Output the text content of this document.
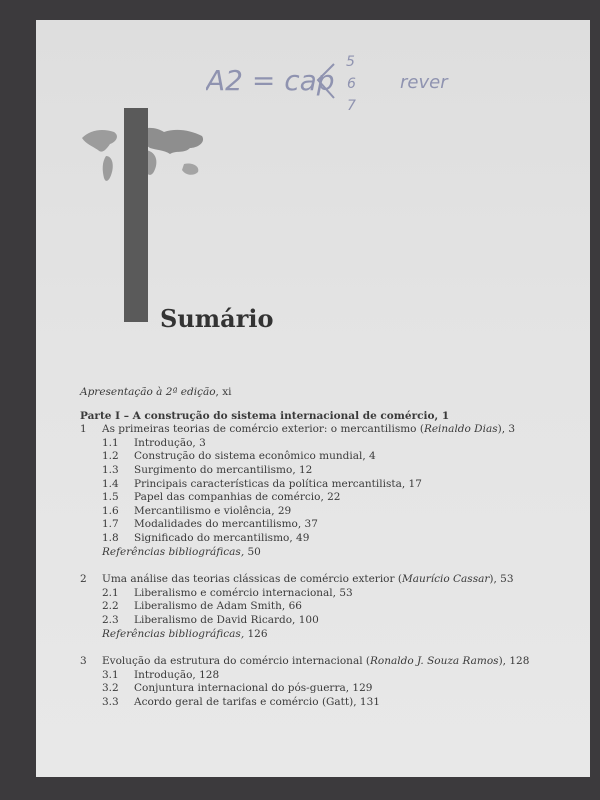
A2 = cap
5
6
7
rever
Sumário
Apresentação à 2ª edição, xi
Parte I – A construção do sistema internacional de comércio, 1
1 As primeiras teorias de comércio exterior: o mercantilismo (Reinaldo Dias), 3
1.1 Introdução, 3
1.2 Construção do sistema econômico mundial, 4
1.3 Surgimento do mercantilismo, 12
1.4 Principais características da política mercantilista, 17
1.5 Papel das companhias de comércio, 22
1.6 Mercantilismo e violência, 29
1.7 Modalidades do mercantilismo, 37
1.8 Significado do mercantilismo, 49
Referências bibliográficas, 50
2 Uma análise das teorias clássicas de comércio exterior (Maurício Cassar), 53
2.1 Liberalismo e comércio internacional, 53
2.2 Liberalismo de Adam Smith, 66
2.3 Liberalismo de David Ricardo, 100
Referências bibliográficas, 126
3 Evolução da estrutura do comércio internacional (Ronaldo J. Souza Ramos), 128
3.1 Introdução, 128
3.2 Conjuntura internacional do pós-guerra, 129
3.3 Acordo geral de tarifas e comércio (Gatt), 131
